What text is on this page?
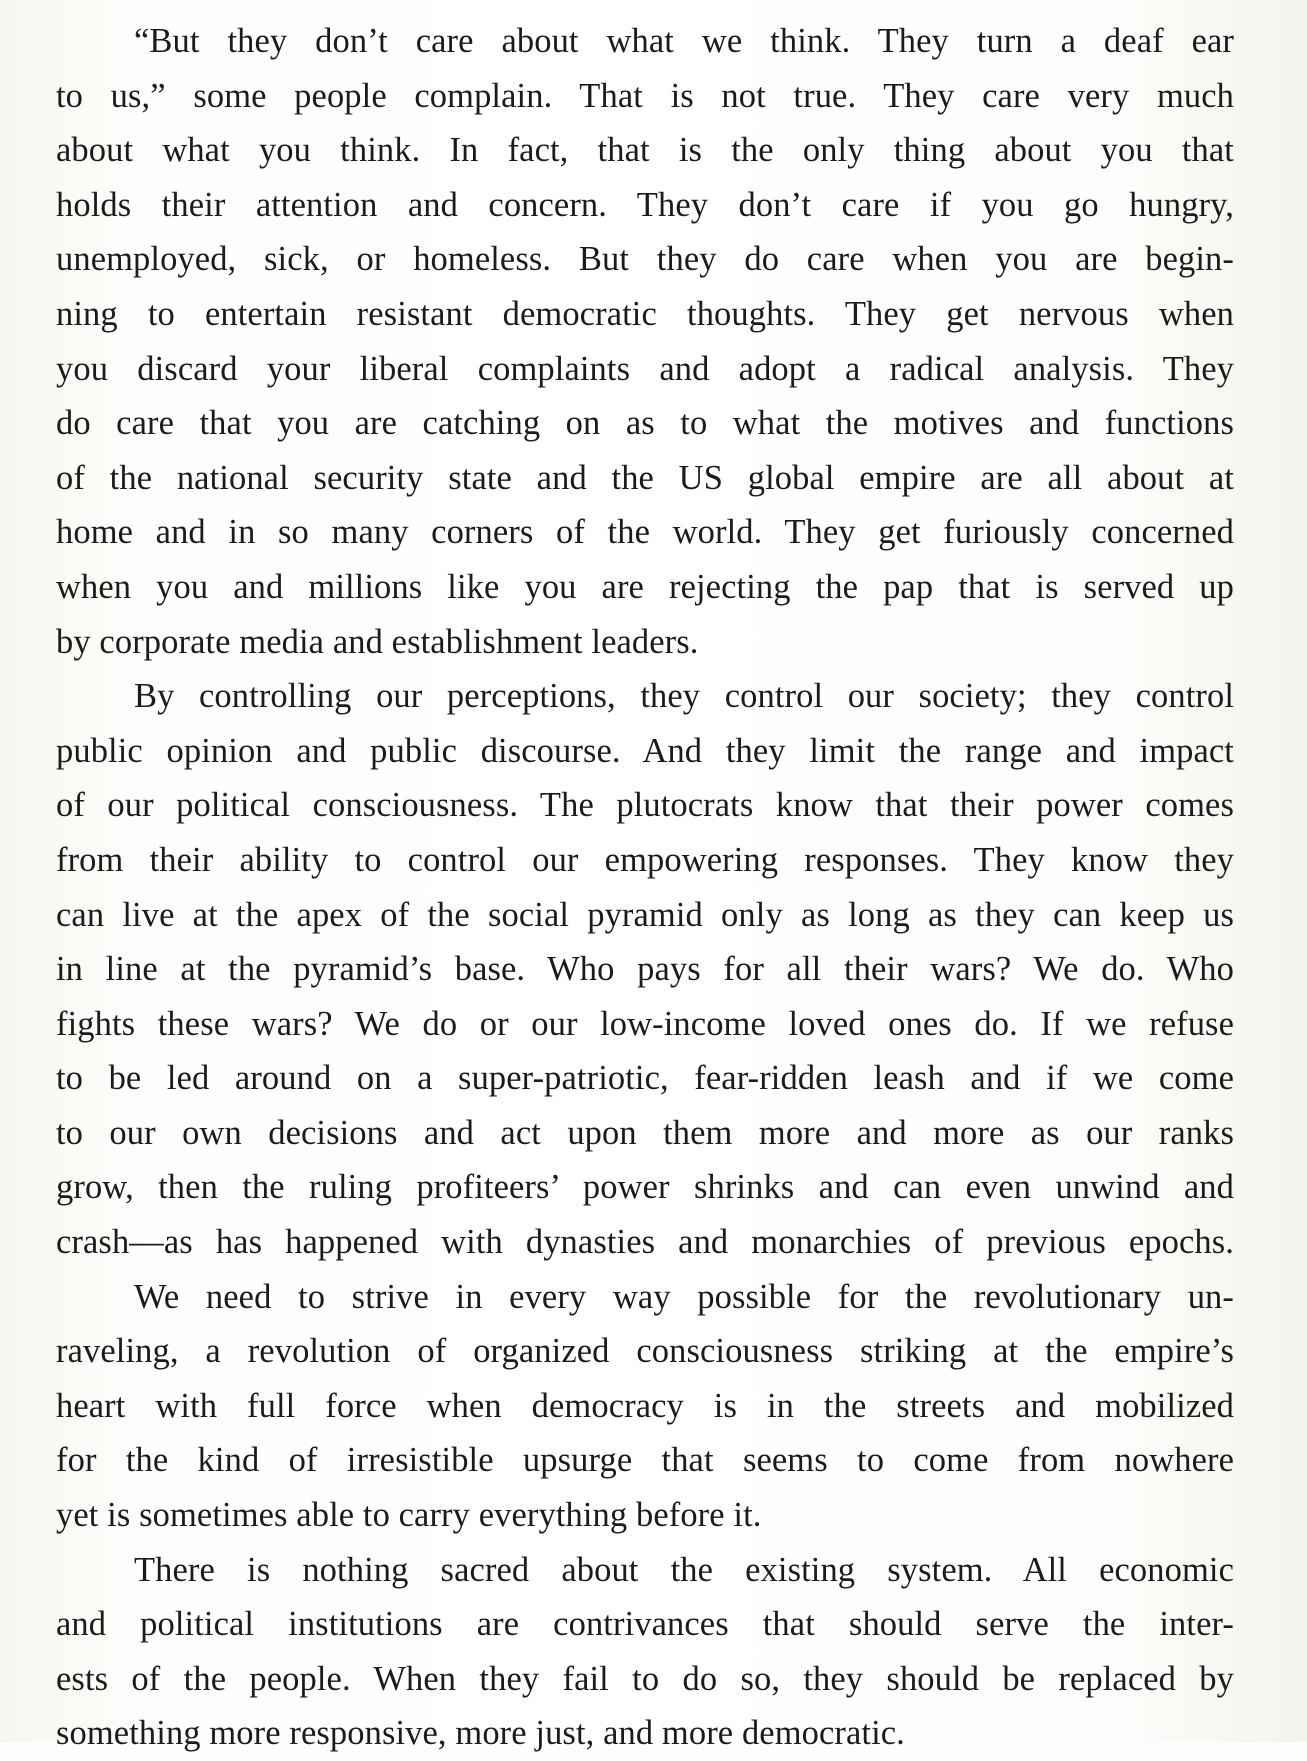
“But they don’t care about what we think. They turn a deaf ear
to us,” some people complain. That is not true. They care very much
about what you think. In fact, that is the only thing about you that
holds their attention and concern. They don’t care if you go hungry,
unemployed, sick, or homeless. But they do care when you are begin-
ning to entertain resistant democratic thoughts. They get nervous when
you discard your liberal complaints and adopt a radical analysis. They
do care that you are catching on as to what the motives and functions
of the national security state and the US global empire are all about at
home and in so many corners of the world. They get furiously concerned
when you and millions like you are rejecting the pap that is served up
by corporate media and establishment leaders.
By controlling our perceptions, they control our society; they control
public opinion and public discourse. And they limit the range and impact
of our political consciousness. The plutocrats know that their power comes
from their ability to control our empowering responses. They know they
can live at the apex of the social pyramid only as long as they can keep us
in line at the pyramid’s base. Who pays for all their wars? We do. Who
fights these wars? We do or our low-income loved ones do. If we refuse
to be led around on a super-patriotic, fear-ridden leash and if we come
to our own decisions and act upon them more and more as our ranks
grow, then the ruling profiteers’ power shrinks and can even unwind and
crash—as has happened with dynasties and monarchies of previous epochs.
We need to strive in every way possible for the revolutionary un-
raveling, a revolution of organized consciousness striking at the empire’s
heart with full force when democracy is in the streets and mobilized
for the kind of irresistible upsurge that seems to come from nowhere
yet is sometimes able to carry everything before it.
There is nothing sacred about the existing system. All economic
and political institutions are contrivances that should serve the inter-
ests of the people. When they fail to do so, they should be replaced by
something more responsive, more just, and more democratic.
